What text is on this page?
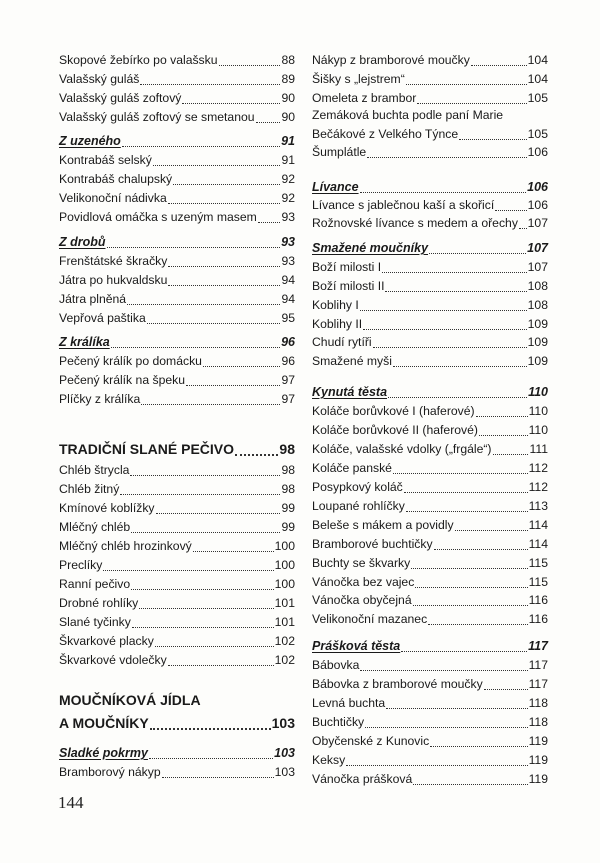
Skopové žebírko po valašsku	88
Valašský guláš	89
Valašský guláš zoftový	90
Valašský guláš zoftový se smetanou 90
Z uzeného	91
Kontrabáš selský	91
Kontrabáš chalupský	92
Velikonoční nádivka	92
Povidlová omáčka s uzeným masem 93
Z drobů	93
Frenštátské škračky	93
Játra po hukvaldsku	94
Játra plněná	94
Vepřová paštika	95
Z králíka	96
Pečený králík po domácku	96
Pečený králík na špeku	97
Plíčky z králíka	97
TRADIČNÍ SLANÉ PEČIVO	98
Chléb štrycla	98
Chléb žitný	98
Kmínové koblížky	99
Mléčný chléb	99
Mléčný chléb hrozinkový	100
Preclíky	100
Ranní pečivo	100
Drobné rohlíky	101
Slané tyčinky	101
Škvarkové placky	102
Škvarkové vdolečky	102
MOUČNÍKOVÁ JÍDLA
A MOUČNÍKY	103
Sladké pokrmy	103
Bramborový nákyp	103
Nákyp z bramborové moučky	104
Šišky s „lejstrem“	104
Omeleta z brambor	105
Zemáková buchta podle paní Marie
Bečákové z Velkého Týnce	105
Šumplátle	106
Lívance	106
Lívance s jablečnou kaší a skořicí	106
Rožnovské lívance s medem a ořechy 107
Smažené moučníky	107
Boží milosti I	107
Boží milosti II	108
Koblihy I	108
Koblihy II	109
Chudí rytíři	109
Smažené myši	109
Kynutá těsta	110
Koláče borůvkové I (haferové)	110
Koláče borůvkové II (haferové)	110
Koláče, valašské vdolky („frgále“)	111
Koláče panské	112
Posypkový koláč	112
Loupané rohlíčky	113
Beleše s mákem a povidly	114
Bramborové buchtičky	114
Buchty se škvarky	115
Vánočka bez vajec	115
Vánočka obyčejná	116
Velikonoční mazanec	116
Prášková těsta	117
Bábovka	117
Bábovka z bramborové moučky	117
Levná buchta	118
Buchtičky	118
Obyčenské z Kunovic	119
Keksy	119
Vánočka prášková	119
144
